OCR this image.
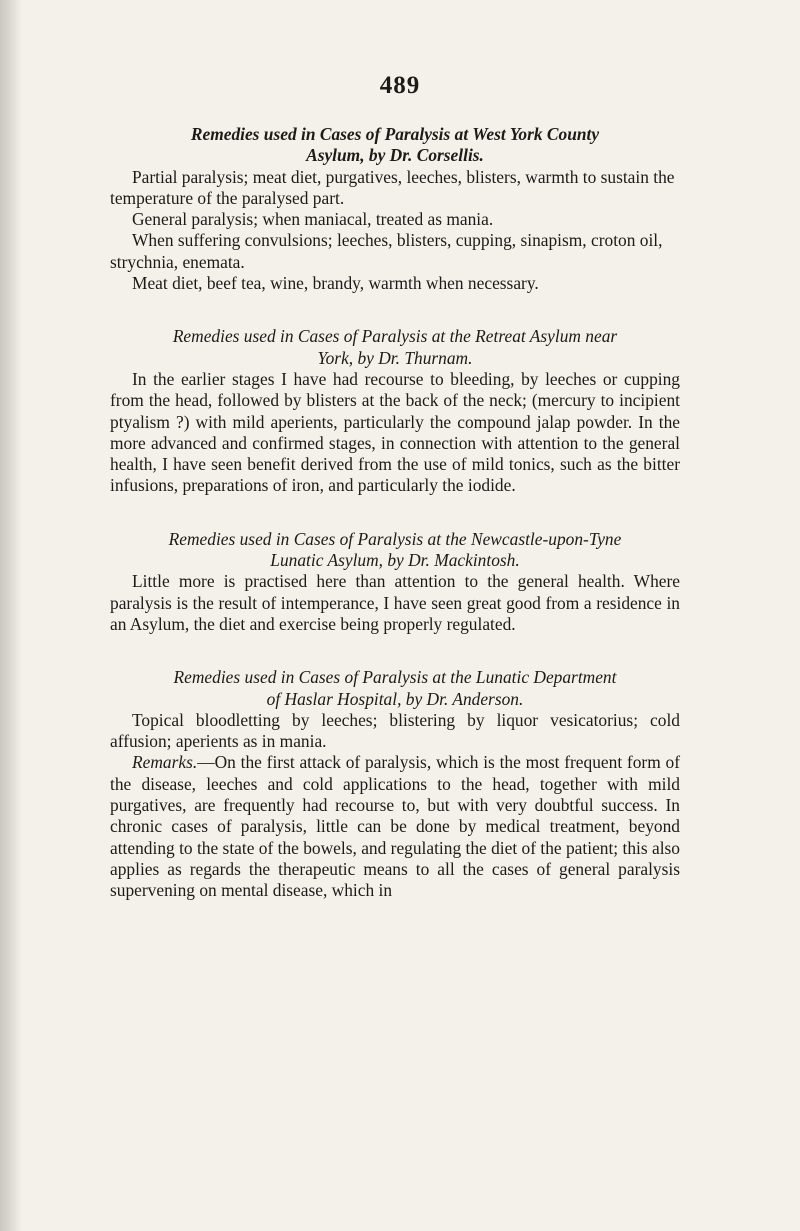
489
Remedies used in Cases of Paralysis at West York County
Asylum, by Dr. Corsellis.

Partial paralysis; meat diet, purgatives, leeches, blisters, warmth to sustain the temperature of the paralysed part.

General paralysis; when maniacal, treated as mania.

When suffering convulsions; leeches, blisters, cupping, sinapism, croton oil, strychnia, enemata.

Meat diet, beef tea, wine, brandy, warmth when necessary.

Remedies used in Cases of Paralysis at the Retreat Asylum near
York, by Dr. Thurnam.

In the earlier stages I have had recourse to bleeding, by leeches or cupping from the head, followed by blisters at the back of the neck; (mercury to incipient ptyalism ?) with mild aperients, particularly the compound jalap powder. In the more advanced and confirmed stages, in connection with attention to the general health, I have seen benefit derived from the use of mild tonics, such as the bitter infusions, preparations of iron, and particularly the iodide.

Remedies used in Cases of Paralysis at the Newcastle-upon-Tyne
Lunatic Asylum, by Dr. Mackintosh.

Little more is practised here than attention to the general health. Where paralysis is the result of intemperance, I have seen great good from a residence in an Asylum, the diet and exercise being properly regulated.

Remedies used in Cases of Paralysis at the Lunatic Department
of Haslar Hospital, by Dr. Anderson.

Topical bloodletting by leeches; blistering by liquor vesicatorius; cold affusion; aperients as in mania.

Remarks.—On the first attack of paralysis, which is the most frequent form of the disease, leeches and cold applications to the head, together with mild purgatives, are frequently had recourse to, but with very doubtful success. In chronic cases of paralysis, little can be done by medical treatment, beyond attending to the state of the bowels, and regulating the diet of the patient; this also applies as regards the therapeutic means to all the cases of general paralysis supervening on mental disease, which in
